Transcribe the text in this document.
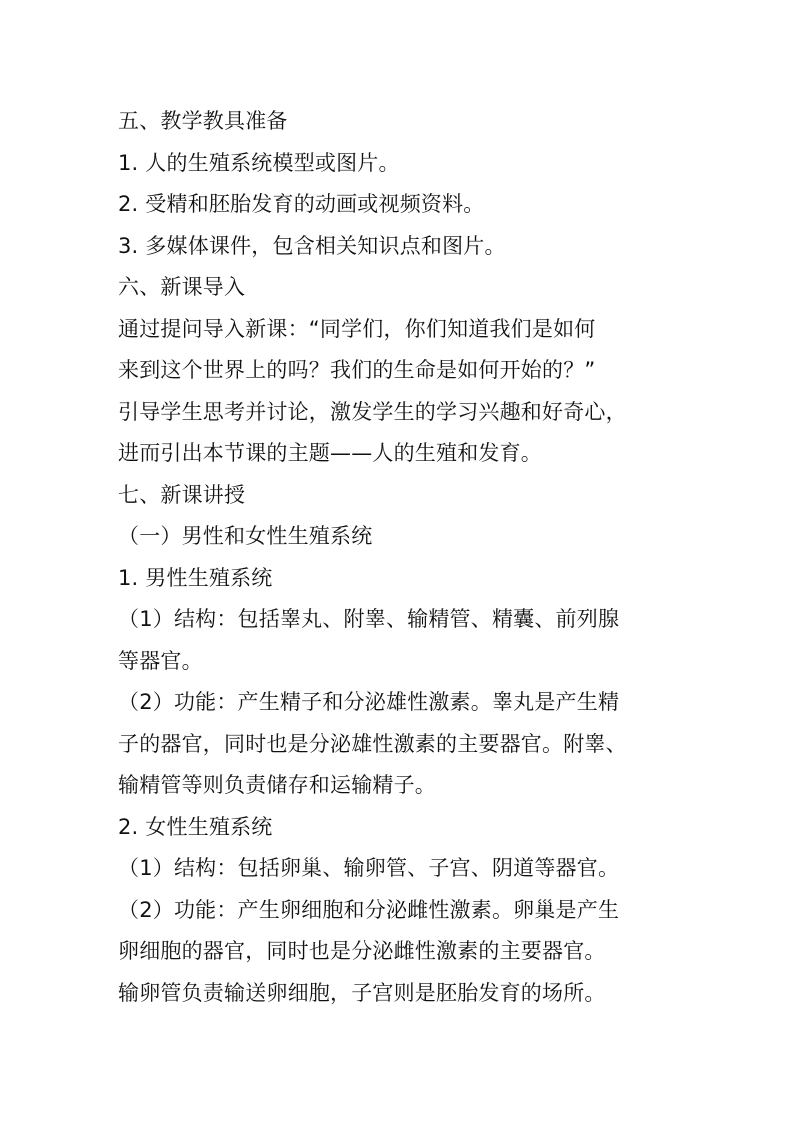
五、教学教具准备
1. 人的生殖系统模型或图片。
2. 受精和胚胎发育的动画或视频资料。
3. 多媒体课件，包含相关知识点和图片。
六、新课导入
通过提问导入新课：“同学们，你们知道我们是如何
来到这个世界上的吗？我们的生命是如何开始的？”
引导学生思考并讨论，激发学生的学习兴趣和好奇心，
进而引出本节课的主题——人的生殖和发育。
七、新课讲授
（一）男性和女性生殖系统
1. 男性生殖系统
（1）结构：包括睾丸、附睾、输精管、精囊、前列腺
等器官。
（2）功能：产生精子和分泌雄性激素。睾丸是产生精
子的器官，同时也是分泌雄性激素的主要器官。附睾、
输精管等则负责储存和运输精子。
2. 女性生殖系统
（1）结构：包括卵巢、输卵管、子宫、阴道等器官。
（2）功能：产生卵细胞和分泌雌性激素。卵巢是产生
卵细胞的器官，同时也是分泌雌性激素的主要器官。
输卵管负责输送卵细胞，子宫则是胚胎发育的场所。
